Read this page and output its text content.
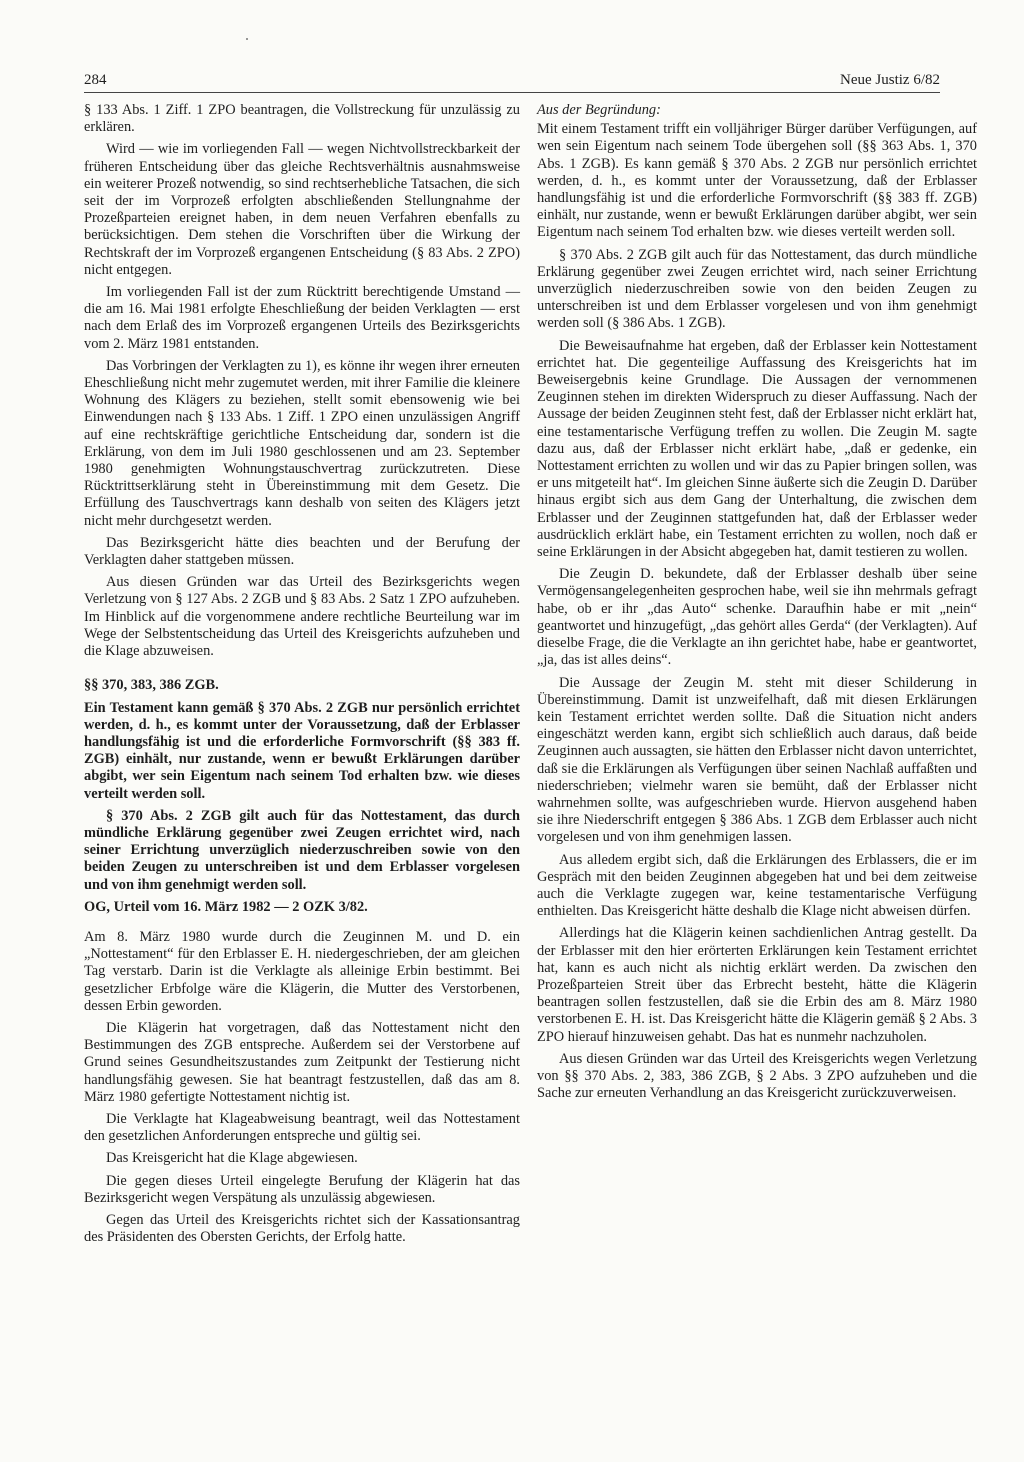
284	Neue Justiz 6/82

§ 133 Abs. 1 Ziff. 1 ZPO beantragen, die Vollstreckung für unzulässig zu erklären.

Wird — wie im vorliegenden Fall — wegen Nichtvollstreckbarkeit der früheren Entscheidung über das gleiche Rechtsverhältnis ausnahmsweise ein weiterer Prozeß notwendig, so sind rechtserhebliche Tatsachen, die sich seit der im Vorprozeß erfolgten abschließenden Stellungnahme der Prozeßparteien ereignet haben, in dem neuen Verfahren ebenfalls zu berücksichtigen. Dem stehen die Vorschriften über die Wirkung der Rechtskraft der im Vorprozeß ergangenen Entscheidung (§ 83 Abs. 2 ZPO) nicht entgegen.

Im vorliegenden Fall ist der zum Rücktritt berechtigende Umstand — die am 16. Mai 1981 erfolgte Eheschließung der beiden Verklagten — erst nach dem Erlaß des im Vorprozeß ergangenen Urteils des Bezirksgerichts vom 2. März 1981 entstanden.

Das Vorbringen der Verklagten zu 1), es könne ihr wegen ihrer erneuten Eheschließung nicht mehr zugemutet werden, mit ihrer Familie die kleinere Wohnung des Klägers zu beziehen, stellt somit ebensowenig wie bei Einwendungen nach § 133 Abs. 1 Ziff. 1 ZPO einen unzulässigen Angriff auf eine rechtskräftige gerichtliche Entscheidung dar, sondern ist die Erklärung, von dem im Juli 1980 geschlossenen und am 23. September 1980 genehmigten Wohnungstauschvertrag zurückzutreten. Diese Rücktrittserklärung steht in Übereinstimmung mit dem Gesetz. Die Erfüllung des Tauschvertrags kann deshalb von seiten des Klägers jetzt nicht mehr durchgesetzt werden.

Das Bezirksgericht hätte dies beachten und der Berufung der Verklagten daher stattgeben müssen.

Aus diesen Gründen war das Urteil des Bezirksgerichts wegen Verletzung von § 127 Abs. 2 ZGB und § 83 Abs. 2 Satz 1 ZPO aufzuheben. Im Hinblick auf die vorgenommene andere rechtliche Beurteilung war im Wege der Selbstentscheidung das Urteil des Kreisgerichts aufzuheben und die Klage abzuweisen.

§§ 370, 383, 386 ZGB.

Ein Testament kann gemäß § 370 Abs. 2 ZGB nur persönlich errichtet werden, d. h., es kommt unter der Voraussetzung, daß der Erblasser handlungsfähig ist und die erforderliche Formvorschrift (§§ 383 ff. ZGB) einhält, nur zustande, wenn er bewußt Erklärungen darüber abgibt, wer sein Eigentum nach seinem Tod erhalten bzw. wie dieses verteilt werden soll.

§ 370 Abs. 2 ZGB gilt auch für das Nottestament, das durch mündliche Erklärung gegenüber zwei Zeugen errichtet wird, nach seiner Errichtung unverzüglich niederzuschreiben sowie von den beiden Zeugen zu unterschreiben ist und dem Erblasser vorgelesen und von ihm genehmigt werden soll.

OG, Urteil vom 16. März 1982 — 2 OZK 3/82.

Am 8. März 1980 wurde durch die Zeuginnen M. und D. ein „Nottestament“ für den Erblasser E. H. niedergeschrieben, der am gleichen Tag verstarb. Darin ist die Verklagte als alleinige Erbin bestimmt. Bei gesetzlicher Erbfolge wäre die Klägerin, die Mutter des Verstorbenen, dessen Erbin geworden.

Die Klägerin hat vorgetragen, daß das Nottestament nicht den Bestimmungen des ZGB entspreche. Außerdem sei der Verstorbene auf Grund seines Gesundheitszustandes zum Zeitpunkt der Testierung nicht handlungsfähig gewesen. Sie hat beantragt festzustellen, daß das am 8. März 1980 gefertigte Nottestament nichtig ist.

Die Verklagte hat Klageabweisung beantragt, weil das Nottestament den gesetzlichen Anforderungen entspreche und gültig sei.

Das Kreisgericht hat die Klage abgewiesen.

Die gegen dieses Urteil eingelegte Berufung der Klägerin hat das Bezirksgericht wegen Verspätung als unzulässig abgewiesen.

Gegen das Urteil des Kreisgerichts richtet sich der Kassationsantrag des Präsidenten des Obersten Gerichts, der Erfolg hatte.

Aus der Begründung:

Mit einem Testament trifft ein volljähriger Bürger darüber Verfügungen, auf wen sein Eigentum nach seinem Tode übergehen soll (§§ 363 Abs. 1, 370 Abs. 1 ZGB). Es kann gemäß § 370 Abs. 2 ZGB nur persönlich errichtet werden, d. h., es kommt unter der Voraussetzung, daß der Erblasser handlungsfähig ist und die erforderliche Formvorschrift (§§ 383 ff. ZGB) einhält, nur zustande, wenn er bewußt Erklärungen darüber abgibt, wer sein Eigentum nach seinem Tod erhalten bzw. wie dieses verteilt werden soll.

§ 370 Abs. 2 ZGB gilt auch für das Nottestament, das durch mündliche Erklärung gegenüber zwei Zeugen errichtet wird, nach seiner Errichtung unverzüglich niederzuschreiben sowie von den beiden Zeugen zu unterschreiben ist und dem Erblasser vorgelesen und von ihm genehmigt werden soll (§ 386 Abs. 1 ZGB).

Die Beweisaufnahme hat ergeben, daß der Erblasser kein Nottestament errichtet hat. Die gegenteilige Auffassung des Kreisgerichts hat im Beweisergebnis keine Grundlage. Die Aussagen der vernommenen Zeuginnen stehen im direkten Widerspruch zu dieser Auffassung. Nach der Aussage der beiden Zeuginnen steht fest, daß der Erblasser nicht erklärt hat, eine testamentarische Verfügung treffen zu wollen. Die Zeugin M. sagte dazu aus, daß der Erblasser nicht erklärt habe, „daß er gedenke, ein Nottestament errichten zu wollen und wir das zu Papier bringen sollen, was er uns mitgeteilt hat“. Im gleichen Sinne äußerte sich die Zeugin D. Darüber hinaus ergibt sich aus dem Gang der Unterhaltung, die zwischen dem Erblasser und der Zeuginnen stattgefunden hat, daß der Erblasser weder ausdrücklich erklärt habe, ein Testament errichten zu wollen, noch daß er seine Erklärungen in der Absicht abgegeben hat, damit testieren zu wollen.

Die Zeugin D. bekundete, daß der Erblasser deshalb über seine Vermögensangelegenheiten gesprochen habe, weil sie ihn mehrmals gefragt habe, ob er ihr „das Auto“ schenke. Daraufhin habe er mit „nein“ geantwortet und hinzugefügt, „das gehört alles Gerda“ (der Verklagten). Auf dieselbe Frage, die die Verklagte an ihn gerichtet habe, habe er geantwortet, „ja, das ist alles deins“.

Die Aussage der Zeugin M. steht mit dieser Schilderung in Übereinstimmung. Damit ist unzweifelhaft, daß mit diesen Erklärungen kein Testament errichtet werden sollte. Daß die Situation nicht anders eingeschätzt werden kann, ergibt sich schließlich auch daraus, daß beide Zeuginnen auch aussagten, sie hätten den Erblasser nicht davon unterrichtet, daß sie die Erklärungen als Verfügungen über seinen Nachlaß auffaßten und niederschrieben; vielmehr waren sie bemüht, daß der Erblasser nicht wahrnehmen sollte, was aufgeschrieben wurde. Hiervon ausgehend haben sie ihre Niederschrift entgegen § 386 Abs. 1 ZGB dem Erblasser auch nicht vorgelesen und von ihm genehmigen lassen.

Aus alledem ergibt sich, daß die Erklärungen des Erblassers, die er im Gespräch mit den beiden Zeuginnen abgegeben hat und bei dem zeitweise auch die Verklagte zugegen war, keine testamentarische Verfügung enthielten. Das Kreisgericht hätte deshalb die Klage nicht abweisen dürfen.

Allerdings hat die Klägerin keinen sachdienlichen Antrag gestellt. Da der Erblasser mit den hier erörterten Erklärungen kein Testament errichtet hat, kann es auch nicht als nichtig erklärt werden. Da zwischen den Prozeßparteien Streit über das Erbrecht besteht, hätte die Klägerin beantragen sollen festzustellen, daß sie die Erbin des am 8. März 1980 verstorbenen E. H. ist. Das Kreisgericht hätte die Klägerin gemäß § 2 Abs. 3 ZPO hierauf hinzuweisen gehabt. Das hat es nunmehr nachzuholen.

Aus diesen Gründen war das Urteil des Kreisgerichts wegen Verletzung von §§ 370 Abs. 2, 383, 386 ZGB, § 2 Abs. 3 ZPO aufzuheben und die Sache zur erneuten Verhandlung an das Kreisgericht zurückzuverweisen.
